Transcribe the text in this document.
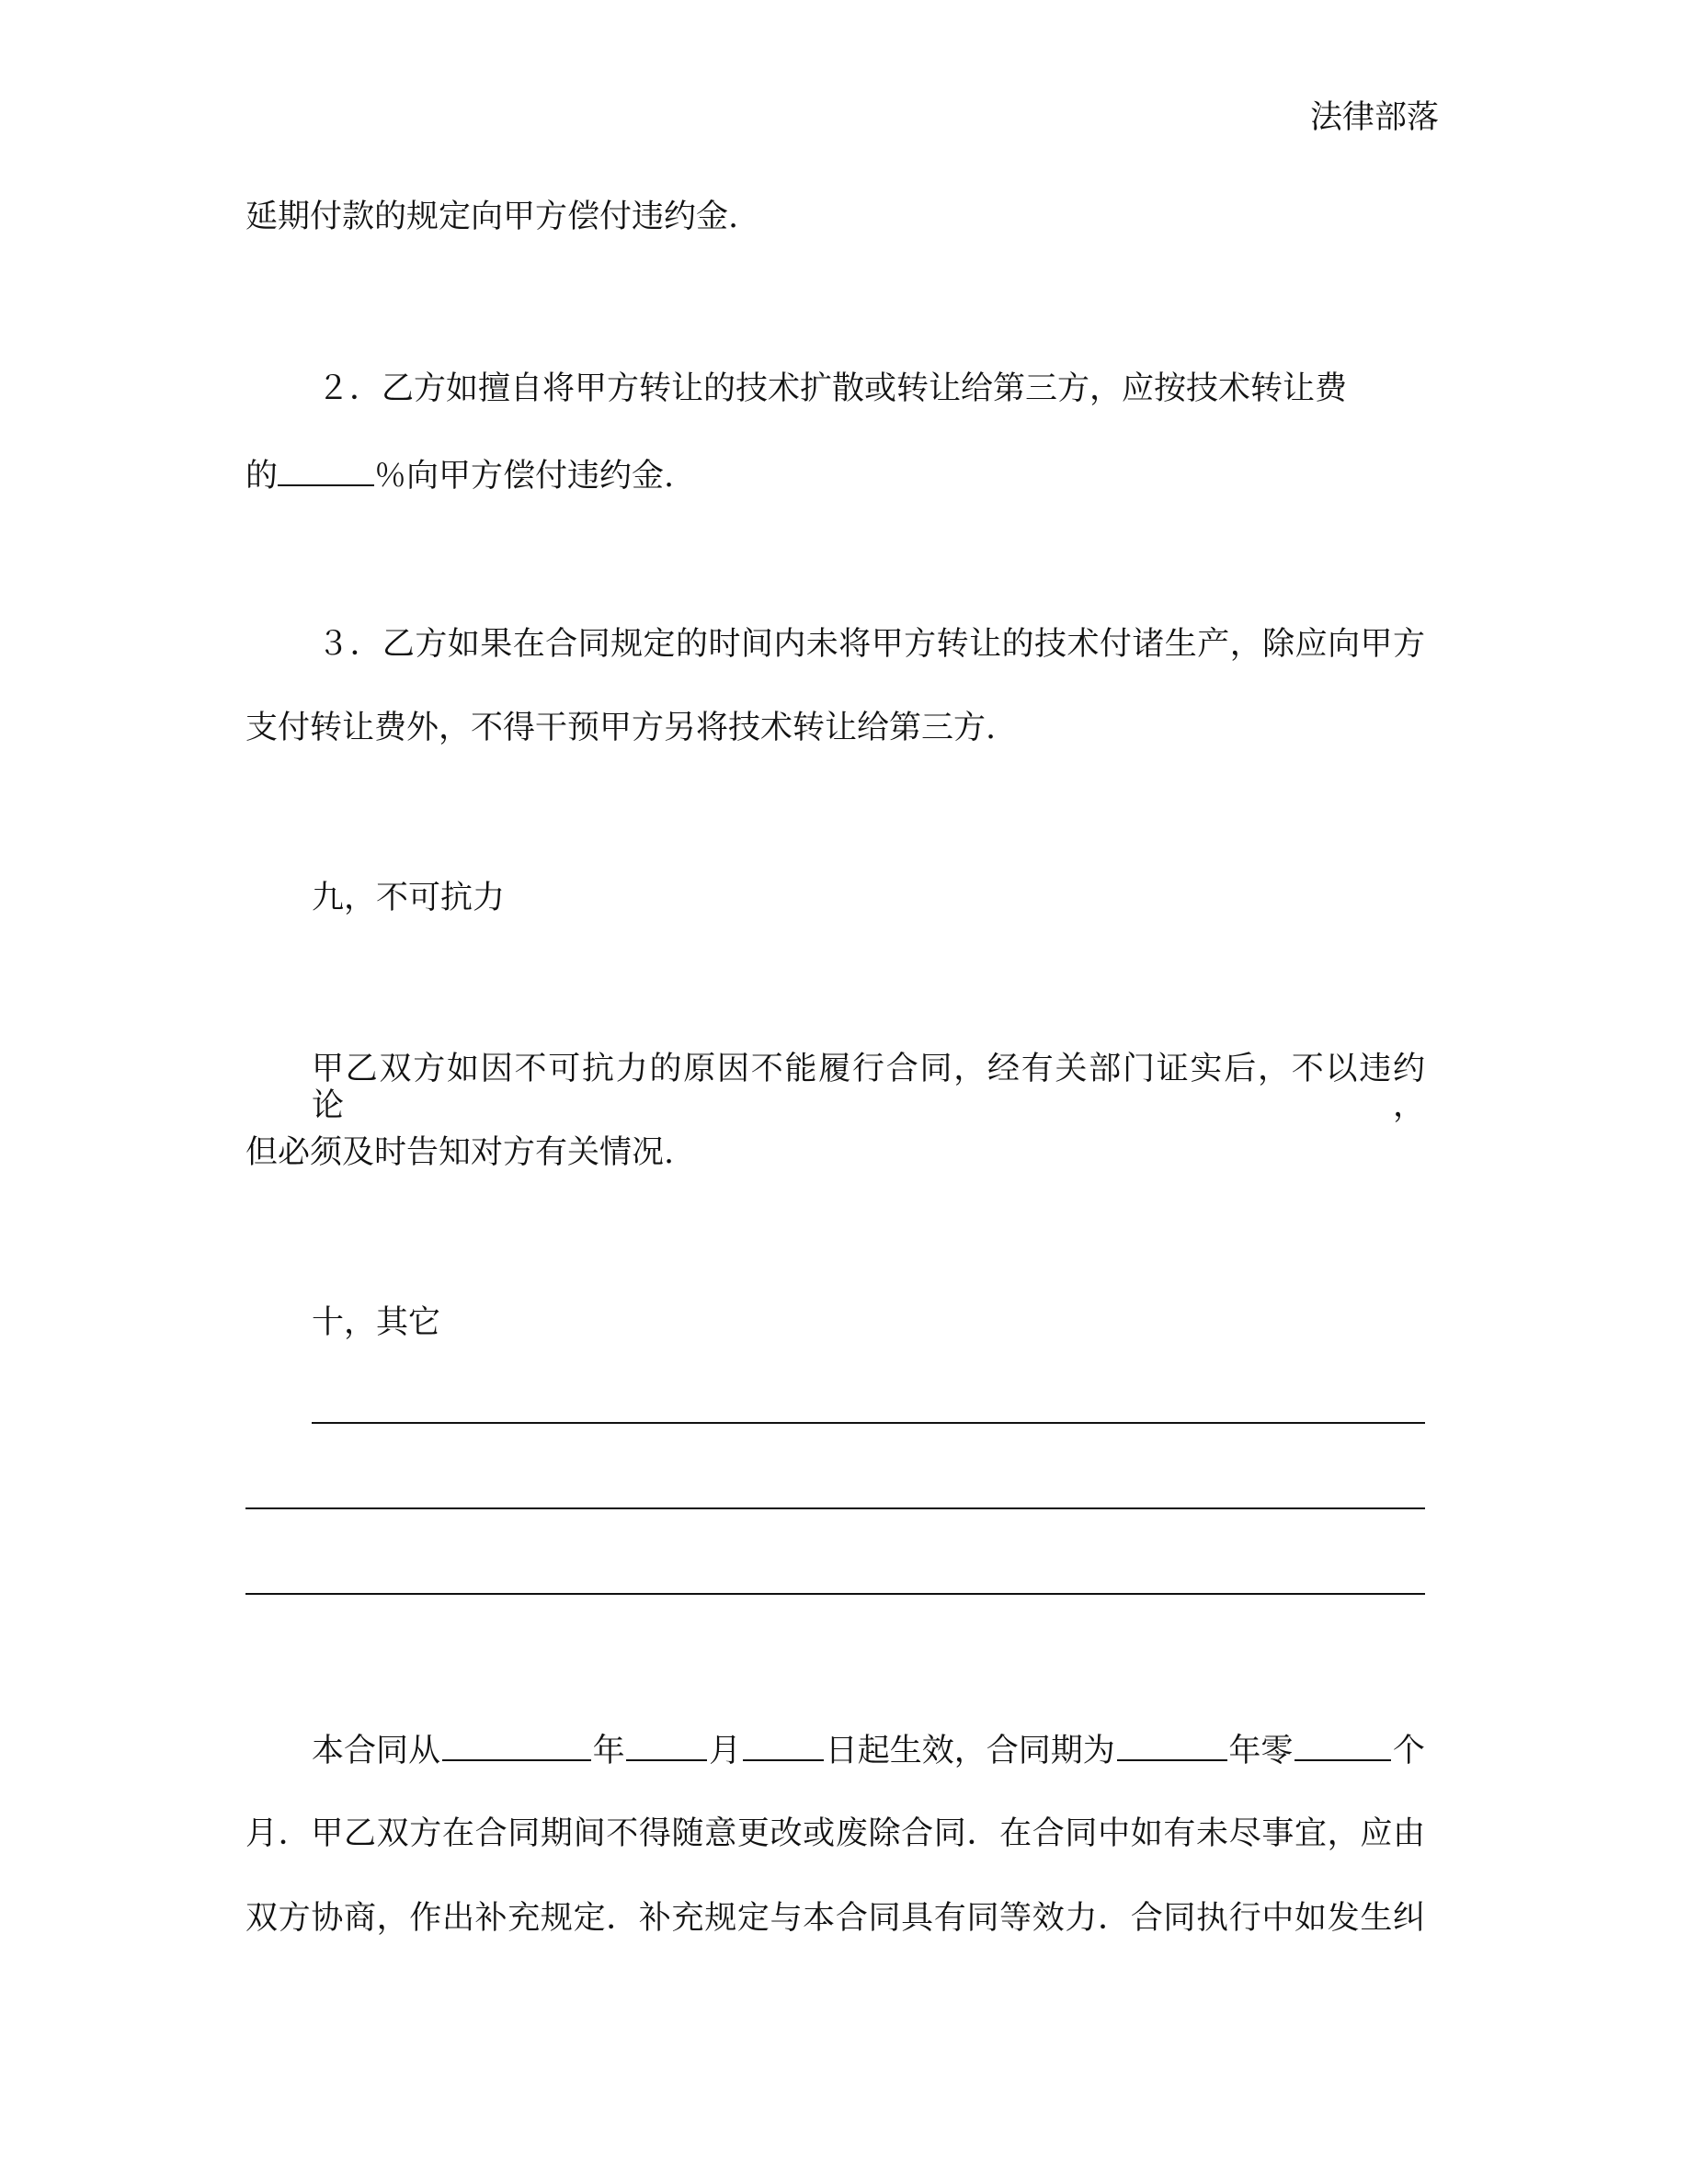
法律部落
延期付款的规定向甲方偿付违约金.
２．乙方如擅自将甲方转让的技术扩散或转让给第三方，应按技术转让费
的	％向甲方偿付违约金.
３．乙方如果在合同规定的时间内未将甲方转让的技术付诸生产，除应向甲方
支付转让费外，不得干预甲方另将技术转让给第三方.
九，不可抗力
甲乙双方如因不可抗力的原因不能履行合同，经有关部门证实后，不以违约论，
但必须及时告知对方有关情况.
十，其它
本合同从	年	月	日起生效，合同期为	年零	个
月．甲乙双方在合同期间不得随意更改或废除合同．在合同中如有未尽事宜，应由
双方协商，作出补充规定．补充规定与本合同具有同等效力．合同执行中如发生纠
